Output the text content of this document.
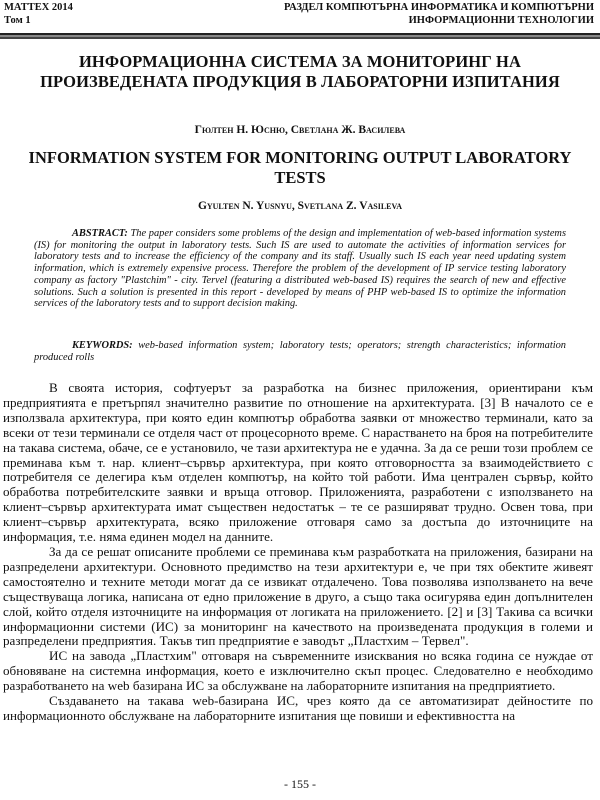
MATTEX 2014
Том 1
РАЗДЕЛ КОМПЮТЪРНА ИНФОРМАТИКА И КОМПЮТЪРНИ
ИНФОРМАЦИОННИ ТЕХНОЛОГИИ
ИНФОРМАЦИОННА СИСТЕМА ЗА МОНИТОРИНГ НА
ПРОИЗВЕДЕНАТА ПРОДУКЦИЯ В ЛАБОРАТОРНИ ИЗПИТАНИЯ
Гюлтен Н. Юсню, Светлана Ж. Василева
INFORMATION SYSTEM FOR MONITORING OUTPUT LABORATORY TESTS
Gyulten N. Yusnyu, Svetlana Z. Vasileva
ABSTRACT: The paper considers some problems of the design and implementation of web-based information systems (IS) for monitoring the output in laboratory tests. Such IS are used to automate the activities of information services for laboratory tests and to increase the efficiency of the company and its staff. Usually such IS each year need updating system information, which is extremely expensive process. Therefore the problem of the development of IP service testing laboratory company as factory "Plastchim" - city. Tervel (featuring a distributed web-based IS) requires the search of new and effective solutions. Such a solution is presented in this report - developed by means of PHP web-based IS to optimize the information services of the laboratory tests and to support decision making.
KEYWORDS: web-based information system; laboratory tests; operators; strength characteristics; information produced rolls

В своята история, софтуерът за разработка на бизнес приложения, ориентирани към предприятията е претърпял значително развитие по отношение на архитектурата. [3] В началото се е използвала архитектура, при която един компютър обработва заявки от множество терминали, като за всеки от тези терминали се отделя част от процесорното време. С нарастването на броя на потребителите на такава система, обаче, се е установило, че тази архитектура не е удачна. За да се реши този проблем се преминава към т. нар. клиент–сървър архитектура, при която отговорността за взаимодействието с потребителя се делегира към отделен компютър, на който той работи. Има централен сървър, който обработва потребителските заявки и връща отговор. Приложенията, разработени с използването на клиент–сървър архитектурата имат съществен недостатък – те се разширяват трудно. Освен това, при клиент–сървър архитектурата, всяко приложение отговаря само за достъпа до източниците на информация, т.е. няма единен модел на данните.

За да се решат описаните проблеми се преминава към разработката на приложения, базирани на разпределени архитектури. Основното предимство на тези архитектури е, че при тях обектите живеят самостоятелно и техните методи могат да се извикат отдалечено. Това позволява използването на вече съществуваща логика, написана от едно приложение в друго, а също така осигурява един допълнителен слой, който отделя източниците на информация от логиката на приложението. [2] и [3] Такива са всички информационни системи (ИС) за мониторинг на качеството на произведената продукция в големи и разпределени предприятия. Такъв тип предприятие е заводът „Пластхим – Тервел".

ИС на завода „Пластхим" отговаря на съвременните изисквания но всяка година се нуждае от обновяване на системна информация, което е изключително скъп процес. Следователно е необходимо разработването на web базирана ИС за обслужване на лабораторните изпитания на предприятието.

Създаването на такава web-базирана ИС, чрез която да се автоматизират дейностите по информационното обслужване на лабораторните изпитания ще повиши и ефективността на

- 155 -
